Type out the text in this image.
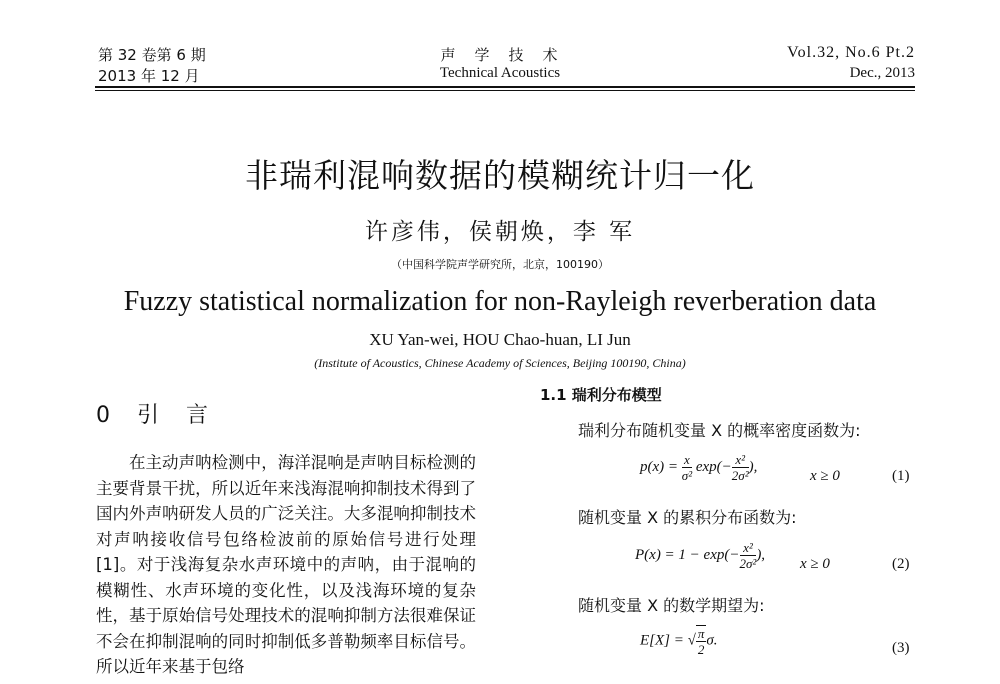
第 32 卷第 6 期
2013 年 12 月
声　学　技　术
Technical Acoustics
Vol.32, No.6 Pt.2
Dec., 2013
非瑞利混响数据的模糊统计归一化
许彦伟，侯朝焕，李 军
（中国科学院声学研究所，北京，100190）
Fuzzy statistical normalization for non-Rayleigh reverberation data
XU Yan-wei, HOU Chao-huan, LI Jun
(Institute of Acoustics, Chinese Academy of Sciences, Beijing 100190, China)
0 引 言

在主动声呐检测中，海洋混响是声呐目标检测的主要背景干扰，所以近年来浅海混响抑制技术得到了国内外声呐研发人员的广泛关注。大多混响抑制技术对声呐接收信号包络检波前的原始信号进行处理[1]。对于浅海复杂水声环境中的声呐，由于混响的模糊性、水声环境的变化性，以及浅海环境的复杂性，基于原始信号处理技术的混响抑制方法很难保证不会在抑制混响的同时抑制低多普勒频率目标信号。所以近年来基于包络

1.1 瑞利分布模型
瑞利分布随机变量 X 的概率密度函数为:
$p(x) = \frac{x}{\text{σ²}} \exp(- \frac{\text{x²}}{\text{2σ²}}$ ),
x ≥ 0	(1)
随机变量 X 的累积分布函数为:
$P(x) = 1 - \exp(- \frac{\text{x²}}{\text{2σ²}}$ ),
x ≥ 0	(2)
随机变量 X 的数学期望为:
E[X] = √ $\frac{\pi}{2} \sigma$.	(3)
